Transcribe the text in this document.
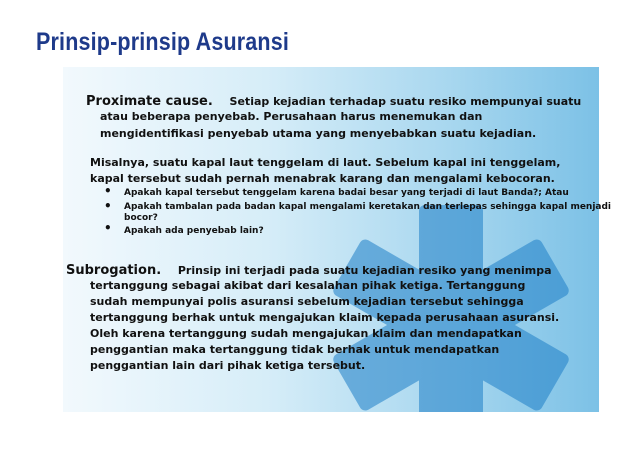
Prinsip-prinsip Asuransi
Proximate cause. Setiap kejadian terhadap suatu resiko mempunyai suatu
atau beberapa penyebab. Perusahaan harus menemukan dan
mengidentifikasi penyebab utama yang menyebabkan suatu kejadian.
Misalnya, suatu kapal laut tenggelam di laut. Sebelum kapal ini tenggelam,
kapal tersebut sudah pernah menabrak karang dan mengalami kebocoran.
• Apakah kapal tersebut tenggelam karena badai besar yang terjadi di laut Banda?; Atau
• Apakah tambalan pada badan kapal mengalami keretakan dan terlepas sehingga kapal menjadi
bocor?
• Apakah ada penyebab lain?
Subrogation. Prinsip ini terjadi pada suatu kejadian resiko yang menimpa
tertanggung sebagai akibat dari kesalahan pihak ketiga. Tertanggung
sudah mempunyai polis asuransi sebelum kejadian tersebut sehingga
tertanggung berhak untuk mengajukan klaim kepada perusahaan asuransi.
Oleh karena tertanggung sudah mengajukan klaim dan mendapatkan
penggantian maka tertanggung tidak berhak untuk mendapatkan
penggantian lain dari pihak ketiga tersebut.
